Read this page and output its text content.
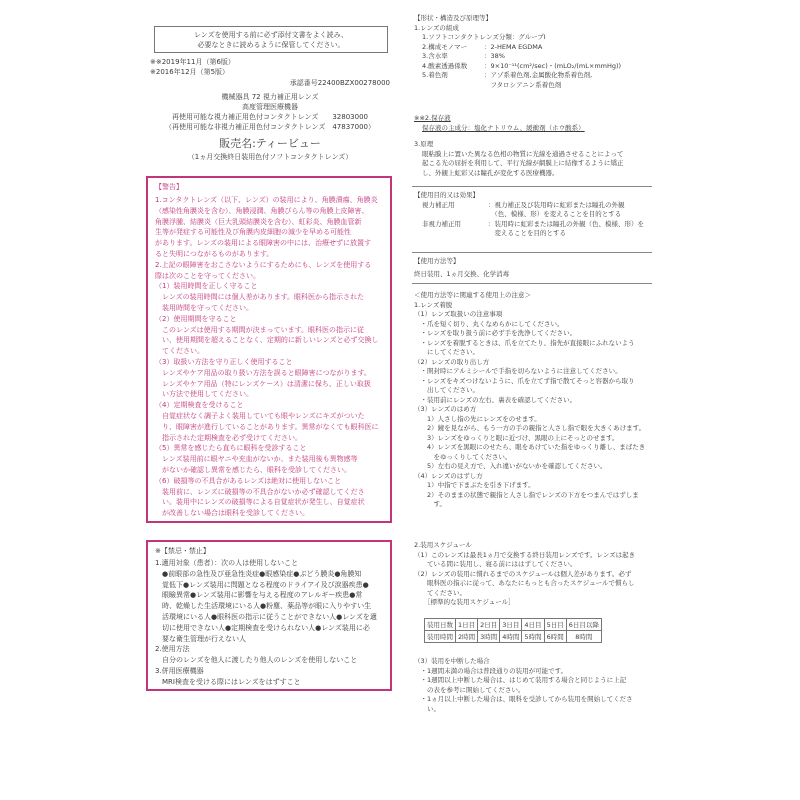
レンズを使用する前に必ず添付文書をよく読み、
必要なときに読めるように保管してください。
※※2019年11月（第6版）
※2016年12月（第5版）
承認番号22400BZX00278000
機械器具 72 視力補正用レンズ
高度管理医療機器
再使用可能な視力補正用色付コンタクトレンズ　　32803000
（再使用可能な非視力補正用色付コンタクトレンズ　47837000）
販売名:ティービュー
（1ヵ月交換終日装用色付ソフトコンタクトレンズ）
【警告】
1.コンタクトレンズ（以下、レンズ）の装用により、角膜潰瘍、角膜炎
（感染性角膜炎を含む）、角膜浸潤、角膜びらん等の角膜上皮障害、
角膜浮腫、結膜炎（巨大乳頭結膜炎を含む）、虹彩炎、角膜血管新
生等が発症する可能性及び角膜内皮細胞の減少を早める可能性
があります。レンズの装用による眼障害の中には、治療せずに放置す
ると失明につながるものがあります。
2.上記の眼障害をおこさないようにするためにも、レンズを使用する
際は次のことを守ってください。
（1）装用時間を正しく守ること
　レンズの装用時間には個人差があります。眼科医から指示された
　装用時間を守ってください。
（2）使用期間を守ること
　このレンズは使用する期間が決まっています。眼科医の指示に従
　い、使用期間を超えることなく、定期的に新しいレンズと必ず交換し
　てください。
（3）取扱い方法を守り正しく使用すること
　レンズやケア用品の取り扱い方法を誤ると眼障害につながります。
　レンズやケア用品（特にレンズケース）は清潔に保ち、正しい取扱
　い方法で使用してください。
（4）定期検査を受けること
　自覚症状なく調子よく装用していても眼やレンズにキズがついた
　り、眼障害が進行していることがあります。異常がなくても眼科医に
　指示された定期検査を必ず受けてください。
（5）異常を感じたら直ちに眼科を受診すること
　レンズ装用前に眼ヤニや充血がないか、また装用後も異物感等
　がないか確認し異常を感じたら、眼科を受診してください。
（6）破損等の不具合があるレンズは絶対に使用しないこと
　装用前に、レンズに破損等の不具合がないか必ず確認してくださ
　い。装用中にレンズの破損等による自覚症状が発生し、自覚症状
　が改善しない場合は眼科を受診してください。
※【禁忌・禁止】
1.適用対象（患者）：次の人は使用しないこと
　●前眼部の急性及び亜急性炎症●眼感染症●ぶどう膜炎●角膜知
　覚低下●レンズ装用に問題となる程度のドライアイ及び涙器疾患●
　眼瞼異常●レンズ装用に影響を与える程度のアレルギー疾患●常
　時、乾燥した生活環境にいる人●粉塵、薬品等が眼に入りやすい生
　活環境にいる人●眼科医の指示に従うことができない人●レンズを適
　切に使用できない人●定期検査を受けられない人●レンズ装用に必
　要な衛生管理が行えない人
2.使用方法
　自分のレンズを他人に渡したり他人のレンズを使用しないこと
3.併用医療機器
　MRI検査を受ける際にはレンズをはずすこと
【形状・構造及び原理等】
1.レンズの組成
1.ソフトコンタクトレンズ分類：グループⅠ
2.構成モノマー	：2-HEMA EGDMA
3.含水率	：38%
4.酸素透過係数	：9×10⁻¹¹(cm²/sec)・(mLO₂/(mL×mmHg))
5.着色剤	：アゾ系着色剤,金属酸化物系着色剤,
　フタロシアニン系着色剤
※※2.保存液
保存液の主成分：塩化ナトリウム、緩衝剤（ホウ酸系）
3.原理
眼粘膜上に置いた異なる色相の物質に光線を通過させることによって
起こる光の屈折を利用して、平行光線が網膜上に結像するように矯正
し、外観上虹彩又は瞳孔が変化する医療機器。
【使用目的又は効果】
視力補正用	：視力補正及び装用時に虹彩または瞳孔の外観
　（色、模様、形）を変えることを目的とする
非視力補正用	：装用時に虹彩または瞳孔の外観（色、模様、形）を
　変えることを目的とする
【使用方法等】
終日装用、1ヵ月交換、化学消毒
＜使用方法等に関連する使用上の注意＞
1.レンズ着脱
（1）レンズ取扱いの注意事項
　・爪を短く切り、丸くなめらかにしてください。
　・レンズを取り扱う前に必ず手を洗浄してください。
　・レンズを着脱するときは、爪を立てたり、指先が直接眼にふれないよう
　　にしてください。
（2）レンズの取り出し方
　・開封時にアルミシールで手指を切らないように注意してください。
　・レンズをキズつけないように、爪を立てず指で散てそっと容器から取り
　　出してください。
　・装用前にレンズの左右、裏表を確認してください。
（3）レンズのはめ方
　　1）人さし指の先にレンズをのせます。
　　2）鏡を見ながら、もう一方の手の親指と人さし指で眼を大きくあけます。
　　3）レンズをゆっくりと眼に近づけ、黒眼の上にそっとのせます。
　　4）レンズを黒眼にのせたら、眼をあけていた指をゆっくり離し、まばたき
　　　をゆっくりしてください。
　　5）左右の見え方で、入れ違いがないかを確認してください。
（4）レンズのはずし方
　　1）中指で下まぶたを引き下げます。
　　2）そのままの状態で親指と人さし指でレンズの下方をつまんではずしま
　　　す。
2.装用スケジュール
（1）このレンズは最長1ヵ月で交換する終日装用レンズです。レンズは起き
　　ている間に装用し、寝る前にははずしてください。
（2）レンズの装用に慣れるまでのスケジュールは個人差があります。必ず
　　眼科医の指示に従って、あなたにもっとも合ったスケジュールで慣らし
　　てください。
［標準的な装用スケジュール］
装用日数	1日目	2日目	3日目	4日目	5日目	6日目以降
装用時間	2時間	3時間	4時間	5時間	6時間	8時間
（3）装用を中断した場合
　・1週間未満の場合は普段通りの装用が可能です。
　・1週間以上中断した場合は、はじめて装用する場合と同じように上記
　　の表を参考に開始してください。
　・1ヵ月以上中断した場合は、眼科を受診してから装用を開始してくださ
　　い。
